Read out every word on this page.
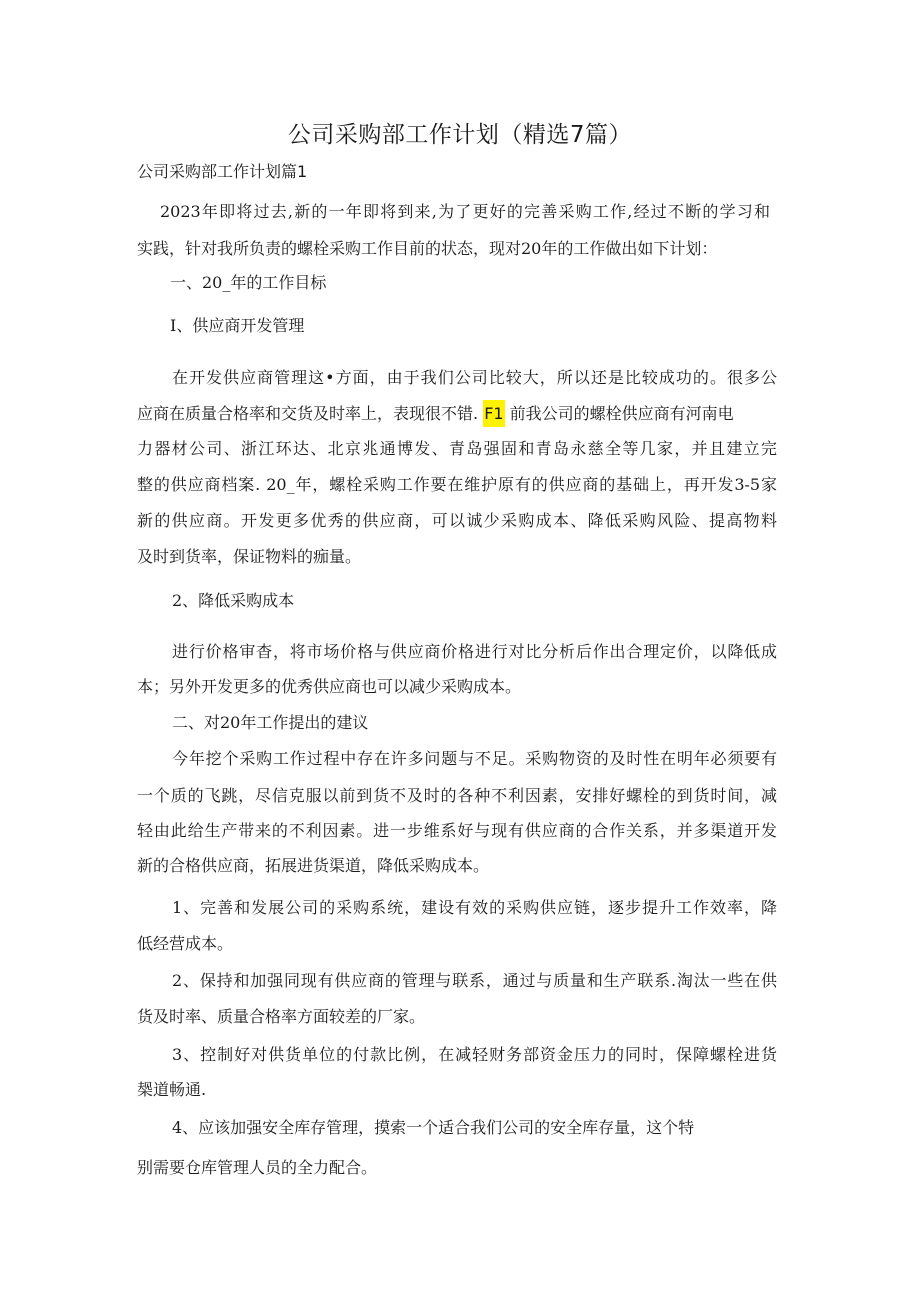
公司采购部工作计划（精选7篇）
公司采购部工作计划篇1
2023年即将过去,新的一年即将到来,为了更好的完善采购工作,经过不断的学习和
实践，针对我所负责的螺栓采购工作目前的状态，现对20年的工作做出如下计划：
一、20_年的工作目标
I、供应商开发管理
在开发供应商管理这•方面，由于我们公司比较大，所以还是比较成功的。很多公
应商在质量合格率和交货及时率上，表现很不错. F1 前我公司的螺栓供应商有河南电
力器材公司、浙江环达、北京兆通博发、青岛强固和青岛永慈全等几家，并且建立完
整的供应商档案. 20_年，螺栓采购工作要在维护原有的供应商的基础上，再开发3-5家
新的供应商。开发更多优秀的供应商，可以诚少采购成本、降低采购风险、提高物料
及时到货率，保证物料的痂量。
2、降低采购成本
进行价格审杳，将市场价格与供应商价格进行对比分析后作出合理定价，以降低成
本；另外开发更多的优秀供应商也可以减少采购成本。
二、对20年工作提出的建议
今年挖个采购工作过程中存在许多问题与不足。采购物资的及时性在明年必须要有
一个质的飞跳，尽信克服以前到货不及时的各种不利因素，安排好螺栓的到货时间，减
轻由此给生产带来的不利因素。进一步维系好与现有供应商的合作关系，并多渠道开发
新的合格供应商，拓展进货渠道，降低采购成本。
1、完善和发展公司的采购系统，建设有效的采购供应链，逐步提升工作效率，降
低经营成本。
2、保持和加强同现有供应商的管理与联系，通过与质量和生产联系.淘汰一些在供
货及时率、质量合格率方面较差的厂家。
3、控制好对供货单位的付款比例，在减轻财务部资金压力的同时，保障螺栓进货
椝道畅通.
4、应该加强安全库存管理，摸索一个适合我们公司的安全库存量，这个特
别需要仓库管理人员的全力配合。
